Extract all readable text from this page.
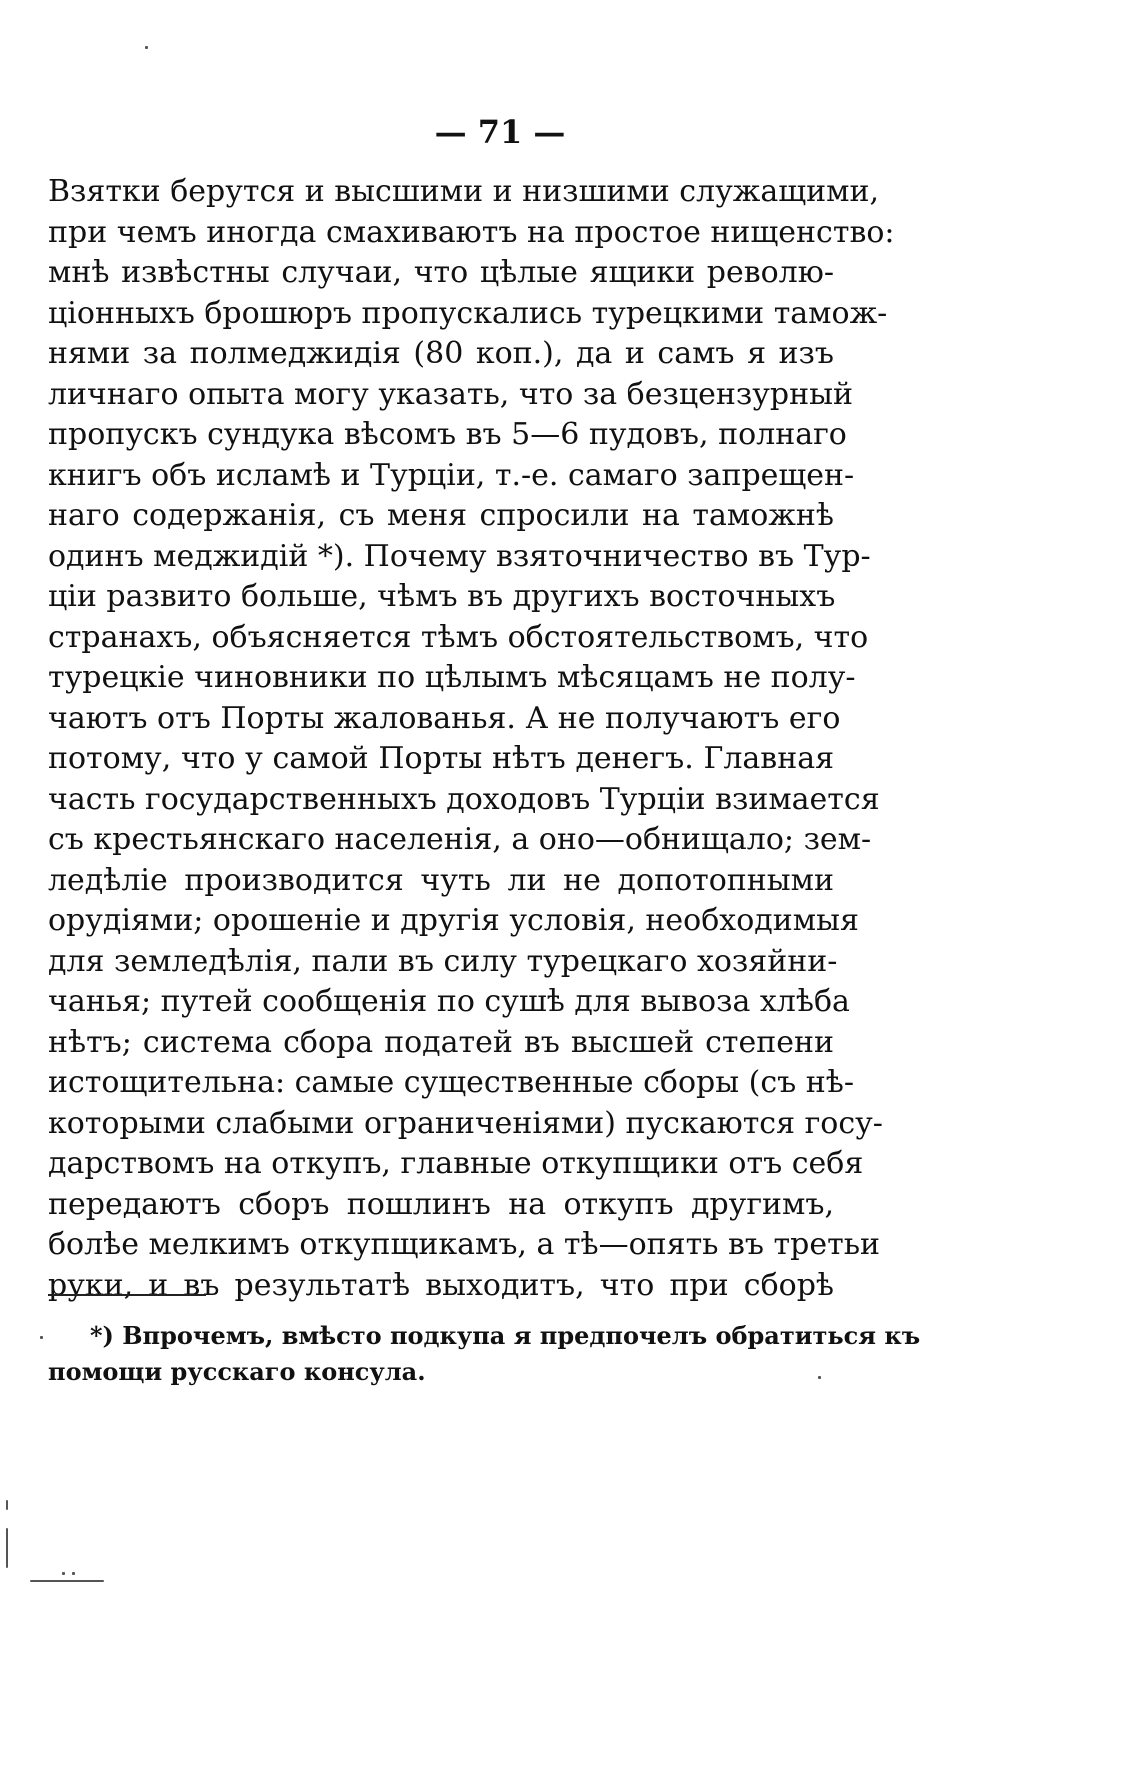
— 71 —
Взятки берутся и высшими и низшими служащими,
при чемъ иногда смахиваютъ на простое нищенство:
мнѣ извѣстны случаи, что цѣлые ящики револю-
ціонныхъ брошюръ пропускались турецкими тамож-
нями за полмеджидія (80 коп.), да и самъ я изъ
личнаго опыта могу указать, что за безцензурный
пропускъ сундука вѣсомъ въ 5—6 пудовъ, полнаго
книгъ объ исламѣ и Турціи, т.-е. самаго запрещен-
наго содержанія, съ меня спросили на таможнѣ
одинъ меджидій *). Почему взяточничество въ Тур-
ціи развито больше, чѣмъ въ другихъ восточныхъ
странахъ, объясняется тѣмъ обстоятельствомъ, что
турецкіе чиновники по цѣлымъ мѣсяцамъ не полу-
чаютъ отъ Порты жалованья. А не получаютъ его
потому, что у самой Порты нѣтъ денегъ. Главная
часть государственныхъ доходовъ Турціи взимается
съ крестьянскаго населенія, а оно—обнищало; зем-
ледѣліе производится чуть ли не допотопными
орудіями; орошеніе и другія условія, необходимыя
для земледѣлія, пали въ силу турецкаго хозяйни-
чанья; путей сообщенія по сушѣ для вывоза хлѣба
нѣтъ; система сбора податей въ высшей степени
истощительна: самые существенные сборы (съ нѣ-
которыми слабыми ограниченіями) пускаются госу-
дарствомъ на откупъ, главные откупщики отъ себя
передаютъ сборъ пошлинъ на откупъ другимъ,
болѣе мелкимъ откупщикамъ, а тѣ—опять въ третьи
руки, и въ результатѣ выходитъ, что при сборѣ
*) Впрочемъ, вмѣсто подкупа я предпочелъ обратиться къ
помощи русскаго консула.
